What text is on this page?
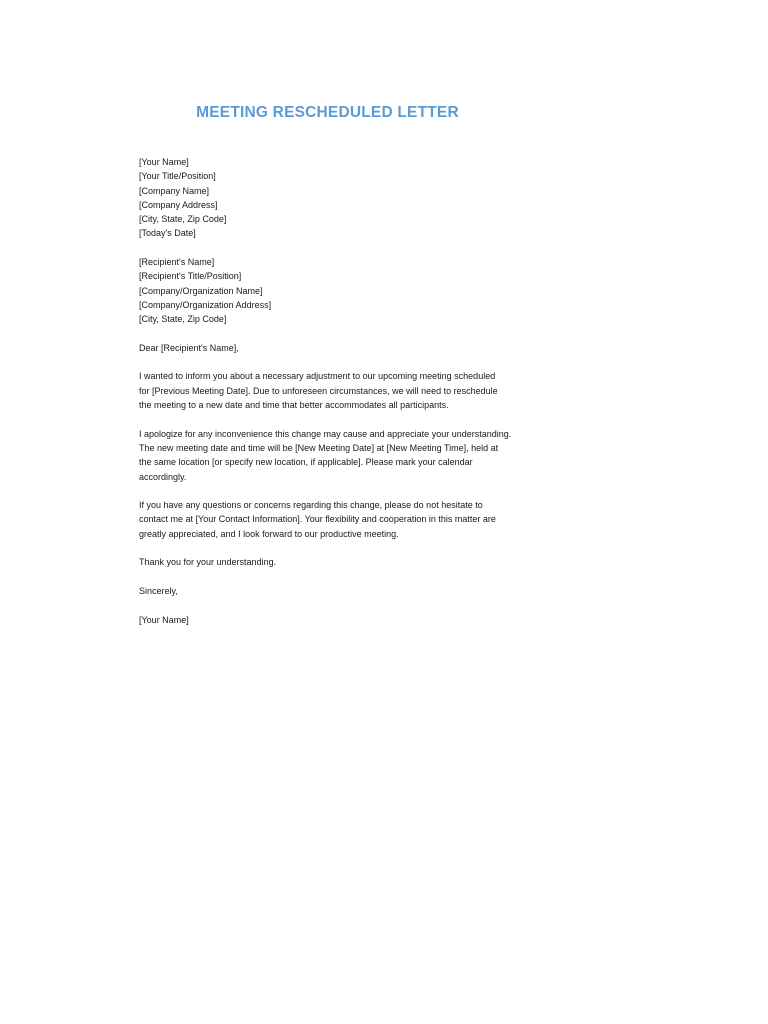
MEETING RESCHEDULED LETTER
[Your Name]
[Your Title/Position]
[Company Name]
[Company Address]
[City, State, Zip Code]
[Today's Date]
[Recipient's Name]
[Recipient's Title/Position]
[Company/Organization Name]
[Company/Organization Address]
[City, State, Zip Code]
Dear [Recipient's Name],
I wanted to inform you about a necessary adjustment to our upcoming meeting scheduled
for [Previous Meeting Date]. Due to unforeseen circumstances, we will need to reschedule
the meeting to a new date and time that better accommodates all participants.
I apologize for any inconvenience this change may cause and appreciate your understanding.
The new meeting date and time will be [New Meeting Date] at [New Meeting Time], held at
the same location [or specify new location, if applicable]. Please mark your calendar
accordingly.
If you have any questions or concerns regarding this change, please do not hesitate to
contact me at [Your Contact Information]. Your flexibility and cooperation in this matter are
greatly appreciated, and I look forward to our productive meeting.
Thank you for your understanding.
Sincerely,
[Your Name]
